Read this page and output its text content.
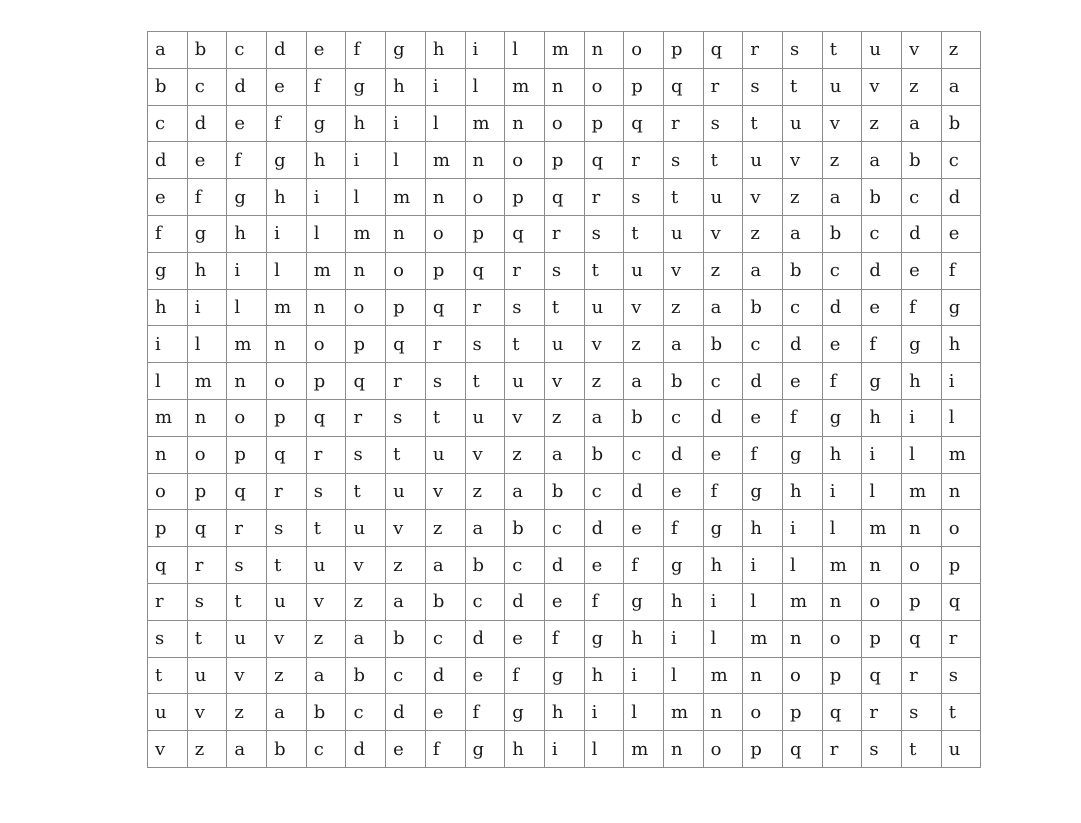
a	b	c	d	e	f	g	h	i	l	m	n	o	p	q	r	s	t	u	v	z
b	c	d	e	f	g	h	i	l	m	n	o	p	q	r	s	t	u	v	z	a
c	d	e	f	g	h	i	l	m	n	o	p	q	r	s	t	u	v	z	a	b
d	e	f	g	h	i	l	m	n	o	p	q	r	s	t	u	v	z	a	b	c
e	f	g	h	i	l	m	n	o	p	q	r	s	t	u	v	z	a	b	c	d
f	g	h	i	l	m	n	o	p	q	r	s	t	u	v	z	a	b	c	d	e
g	h	i	l	m	n	o	p	q	r	s	t	u	v	z	a	b	c	d	e	f
h	i	l	m	n	o	p	q	r	s	t	u	v	z	a	b	c	d	e	f	g
i	l	m	n	o	p	q	r	s	t	u	v	z	a	b	c	d	e	f	g	h
l	m	n	o	p	q	r	s	t	u	v	z	a	b	c	d	e	f	g	h	i
m	n	o	p	q	r	s	t	u	v	z	a	b	c	d	e	f	g	h	i	l
n	o	p	q	r	s	t	u	v	z	a	b	c	d	e	f	g	h	i	l	m
o	p	q	r	s	t	u	v	z	a	b	c	d	e	f	g	h	i	l	m	n
p	q	r	s	t	u	v	z	a	b	c	d	e	f	g	h	i	l	m	n	o
q	r	s	t	u	v	z	a	b	c	d	e	f	g	h	i	l	m	n	o	p
r	s	t	u	v	z	a	b	c	d	e	f	g	h	i	l	m	n	o	p	q
s	t	u	v	z	a	b	c	d	e	f	g	h	i	l	m	n	o	p	q	r
t	u	v	z	a	b	c	d	e	f	g	h	i	l	m	n	o	p	q	r	s
u	v	z	a	b	c	d	e	f	g	h	i	l	m	n	o	p	q	r	s	t
v	z	a	b	c	d	e	f	g	h	i	l	m	n	o	p	q	r	s	t	u
